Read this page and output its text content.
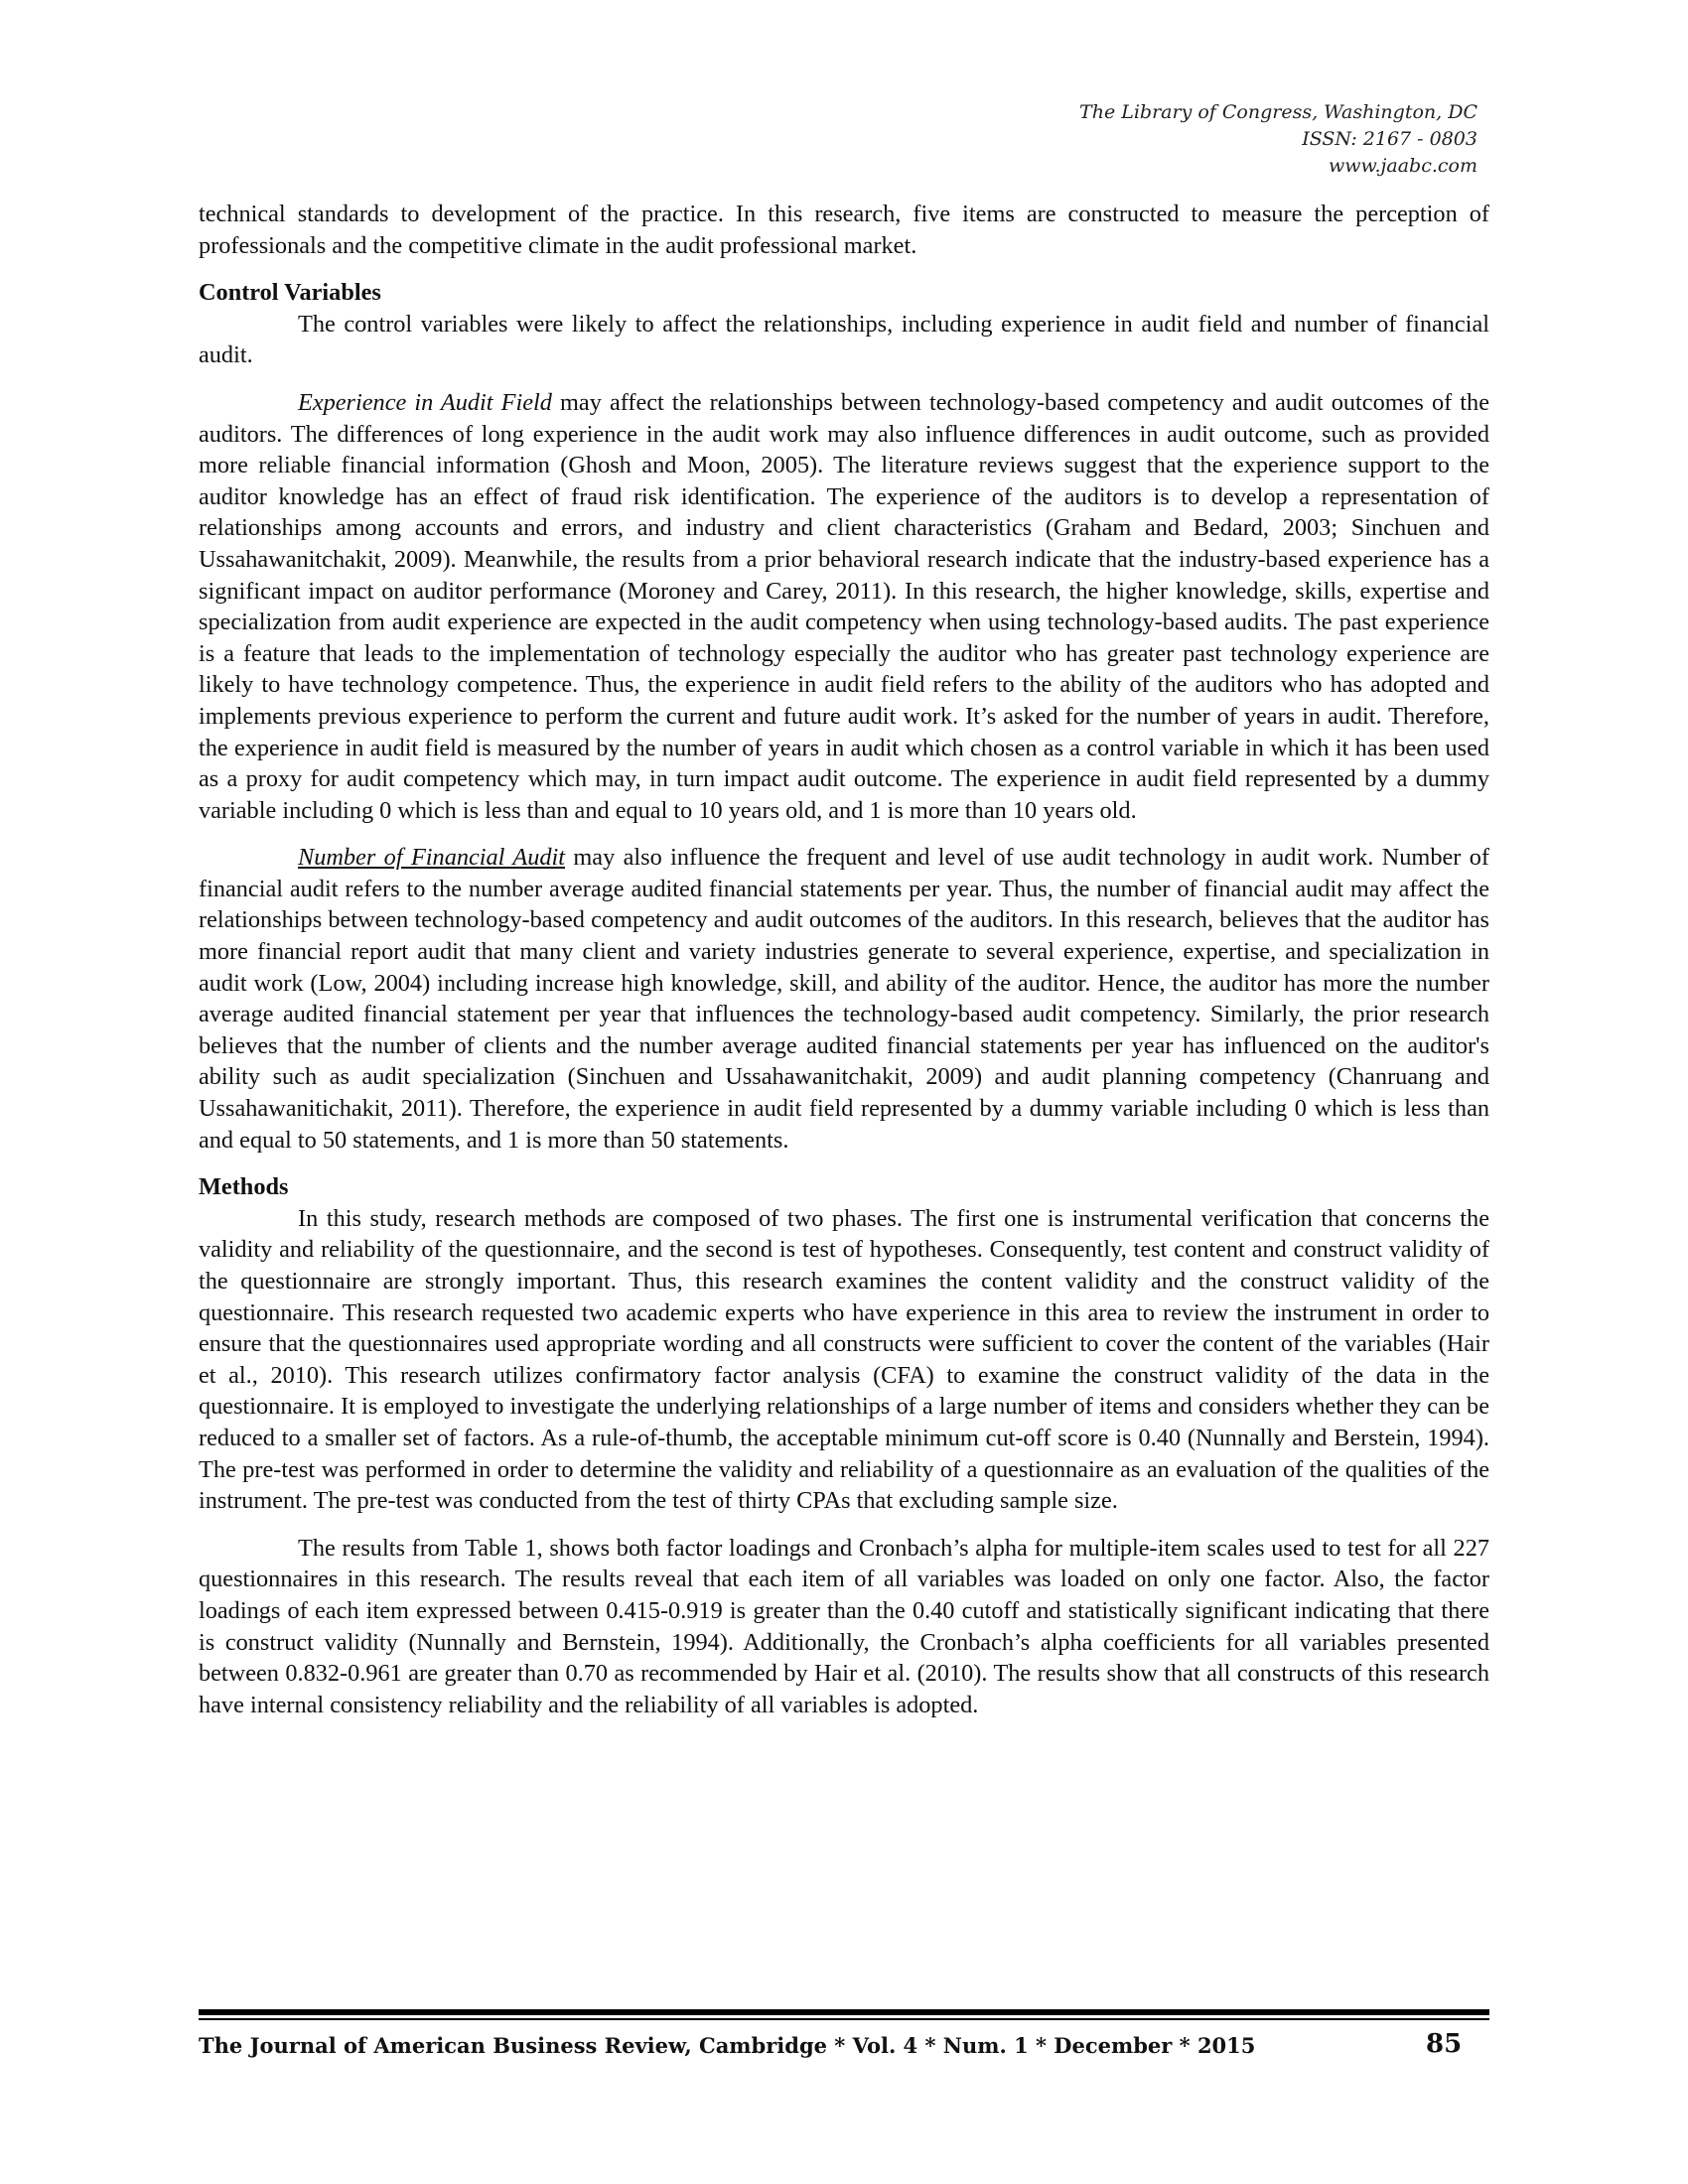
The Library of Congress, Washington, DC
ISSN: 2167 - 0803
www.jaabc.com

technical standards to development of the practice. In this research, five items are constructed to measure the perception of professionals and the competitive climate in the audit professional market.

Control Variables

The control variables were likely to affect the relationships, including experience in audit field and number of financial audit.

Experience in Audit Field may affect the relationships between technology-based competency and audit outcomes of the auditors. The differences of long experience in the audit work may also influence differences in audit outcome, such as provided more reliable financial information (Ghosh and Moon, 2005). The literature reviews suggest that the experience support to the auditor knowledge has an effect of fraud risk identification. The experience of the auditors is to develop a representation of relationships among accounts and errors, and industry and client characteristics (Graham and Bedard, 2003; Sinchuen and Ussahawanitchakit, 2009). Meanwhile, the results from a prior behavioral research indicate that the industry-based experience has a significant impact on auditor performance (Moroney and Carey, 2011). In this research, the higher knowledge, skills, expertise and specialization from audit experience are expected in the audit competency when using technology-based audits. The past experience is a feature that leads to the implementation of technology especially the auditor who has greater past technology experience are likely to have technology competence. Thus, the experience in audit field refers to the ability of the auditors who has adopted and implements previous experience to perform the current and future audit work. It’s asked for the number of years in audit. Therefore, the experience in audit field is measured by the number of years in audit which chosen as a control variable in which it has been used as a proxy for audit competency which may, in turn impact audit outcome. The experience in audit field represented by a dummy variable including 0 which is less than and equal to 10 years old, and 1 is more than 10 years old.

Number of Financial Audit may also influence the frequent and level of use audit technology in audit work. Number of financial audit refers to the number average audited financial statements per year. Thus, the number of financial audit may affect the relationships between technology-based competency and audit outcomes of the auditors. In this research, believes that the auditor has more financial report audit that many client and variety industries generate to several experience, expertise, and specialization in audit work (Low, 2004) including increase high knowledge, skill, and ability of the auditor. Hence, the auditor has more the number average audited financial statement per year that influences the technology-based audit competency. Similarly, the prior research believes that the number of clients and the number average audited financial statements per year has influenced on the auditor's ability such as audit specialization (Sinchuen and Ussahawanitchakit, 2009) and audit planning competency (Chanruang and Ussahawanitichakit, 2011). Therefore, the experience in audit field represented by a dummy variable including 0 which is less than and equal to 50 statements, and 1 is more than 50 statements.

Methods

In this study, research methods are composed of two phases. The first one is instrumental verification that concerns the validity and reliability of the questionnaire, and the second is test of hypotheses. Consequently, test content and construct validity of the questionnaire are strongly important. Thus, this research examines the content validity and the construct validity of the questionnaire. This research requested two academic experts who have experience in this area to review the instrument in order to ensure that the questionnaires used appropriate wording and all constructs were sufficient to cover the content of the variables (Hair et al., 2010). This research utilizes confirmatory factor analysis (CFA) to examine the construct validity of the data in the questionnaire. It is employed to investigate the underlying relationships of a large number of items and considers whether they can be reduced to a smaller set of factors. As a rule-of-thumb, the acceptable minimum cut-off score is 0.40 (Nunnally and Berstein, 1994). The pre-test was performed in order to determine the validity and reliability of a questionnaire as an evaluation of the qualities of the instrument. The pre-test was conducted from the test of thirty CPAs that excluding sample size.

The results from Table 1, shows both factor loadings and Cronbach’s alpha for multiple-item scales used to test for all 227 questionnaires in this research. The results reveal that each item of all variables was loaded on only one factor. Also, the factor loadings of each item expressed between 0.415-0.919 is greater than the 0.40 cutoff and statistically significant indicating that there is construct validity (Nunnally and Bernstein, 1994). Additionally, the Cronbach’s alpha coefficients for all variables presented between 0.832-0.961 are greater than 0.70 as recommended by Hair et al. (2010). The results show that all constructs of this research have internal consistency reliability and the reliability of all variables is adopted.

The Journal of American Business Review, Cambridge * Vol. 4 * Num. 1 * December * 2015	85
